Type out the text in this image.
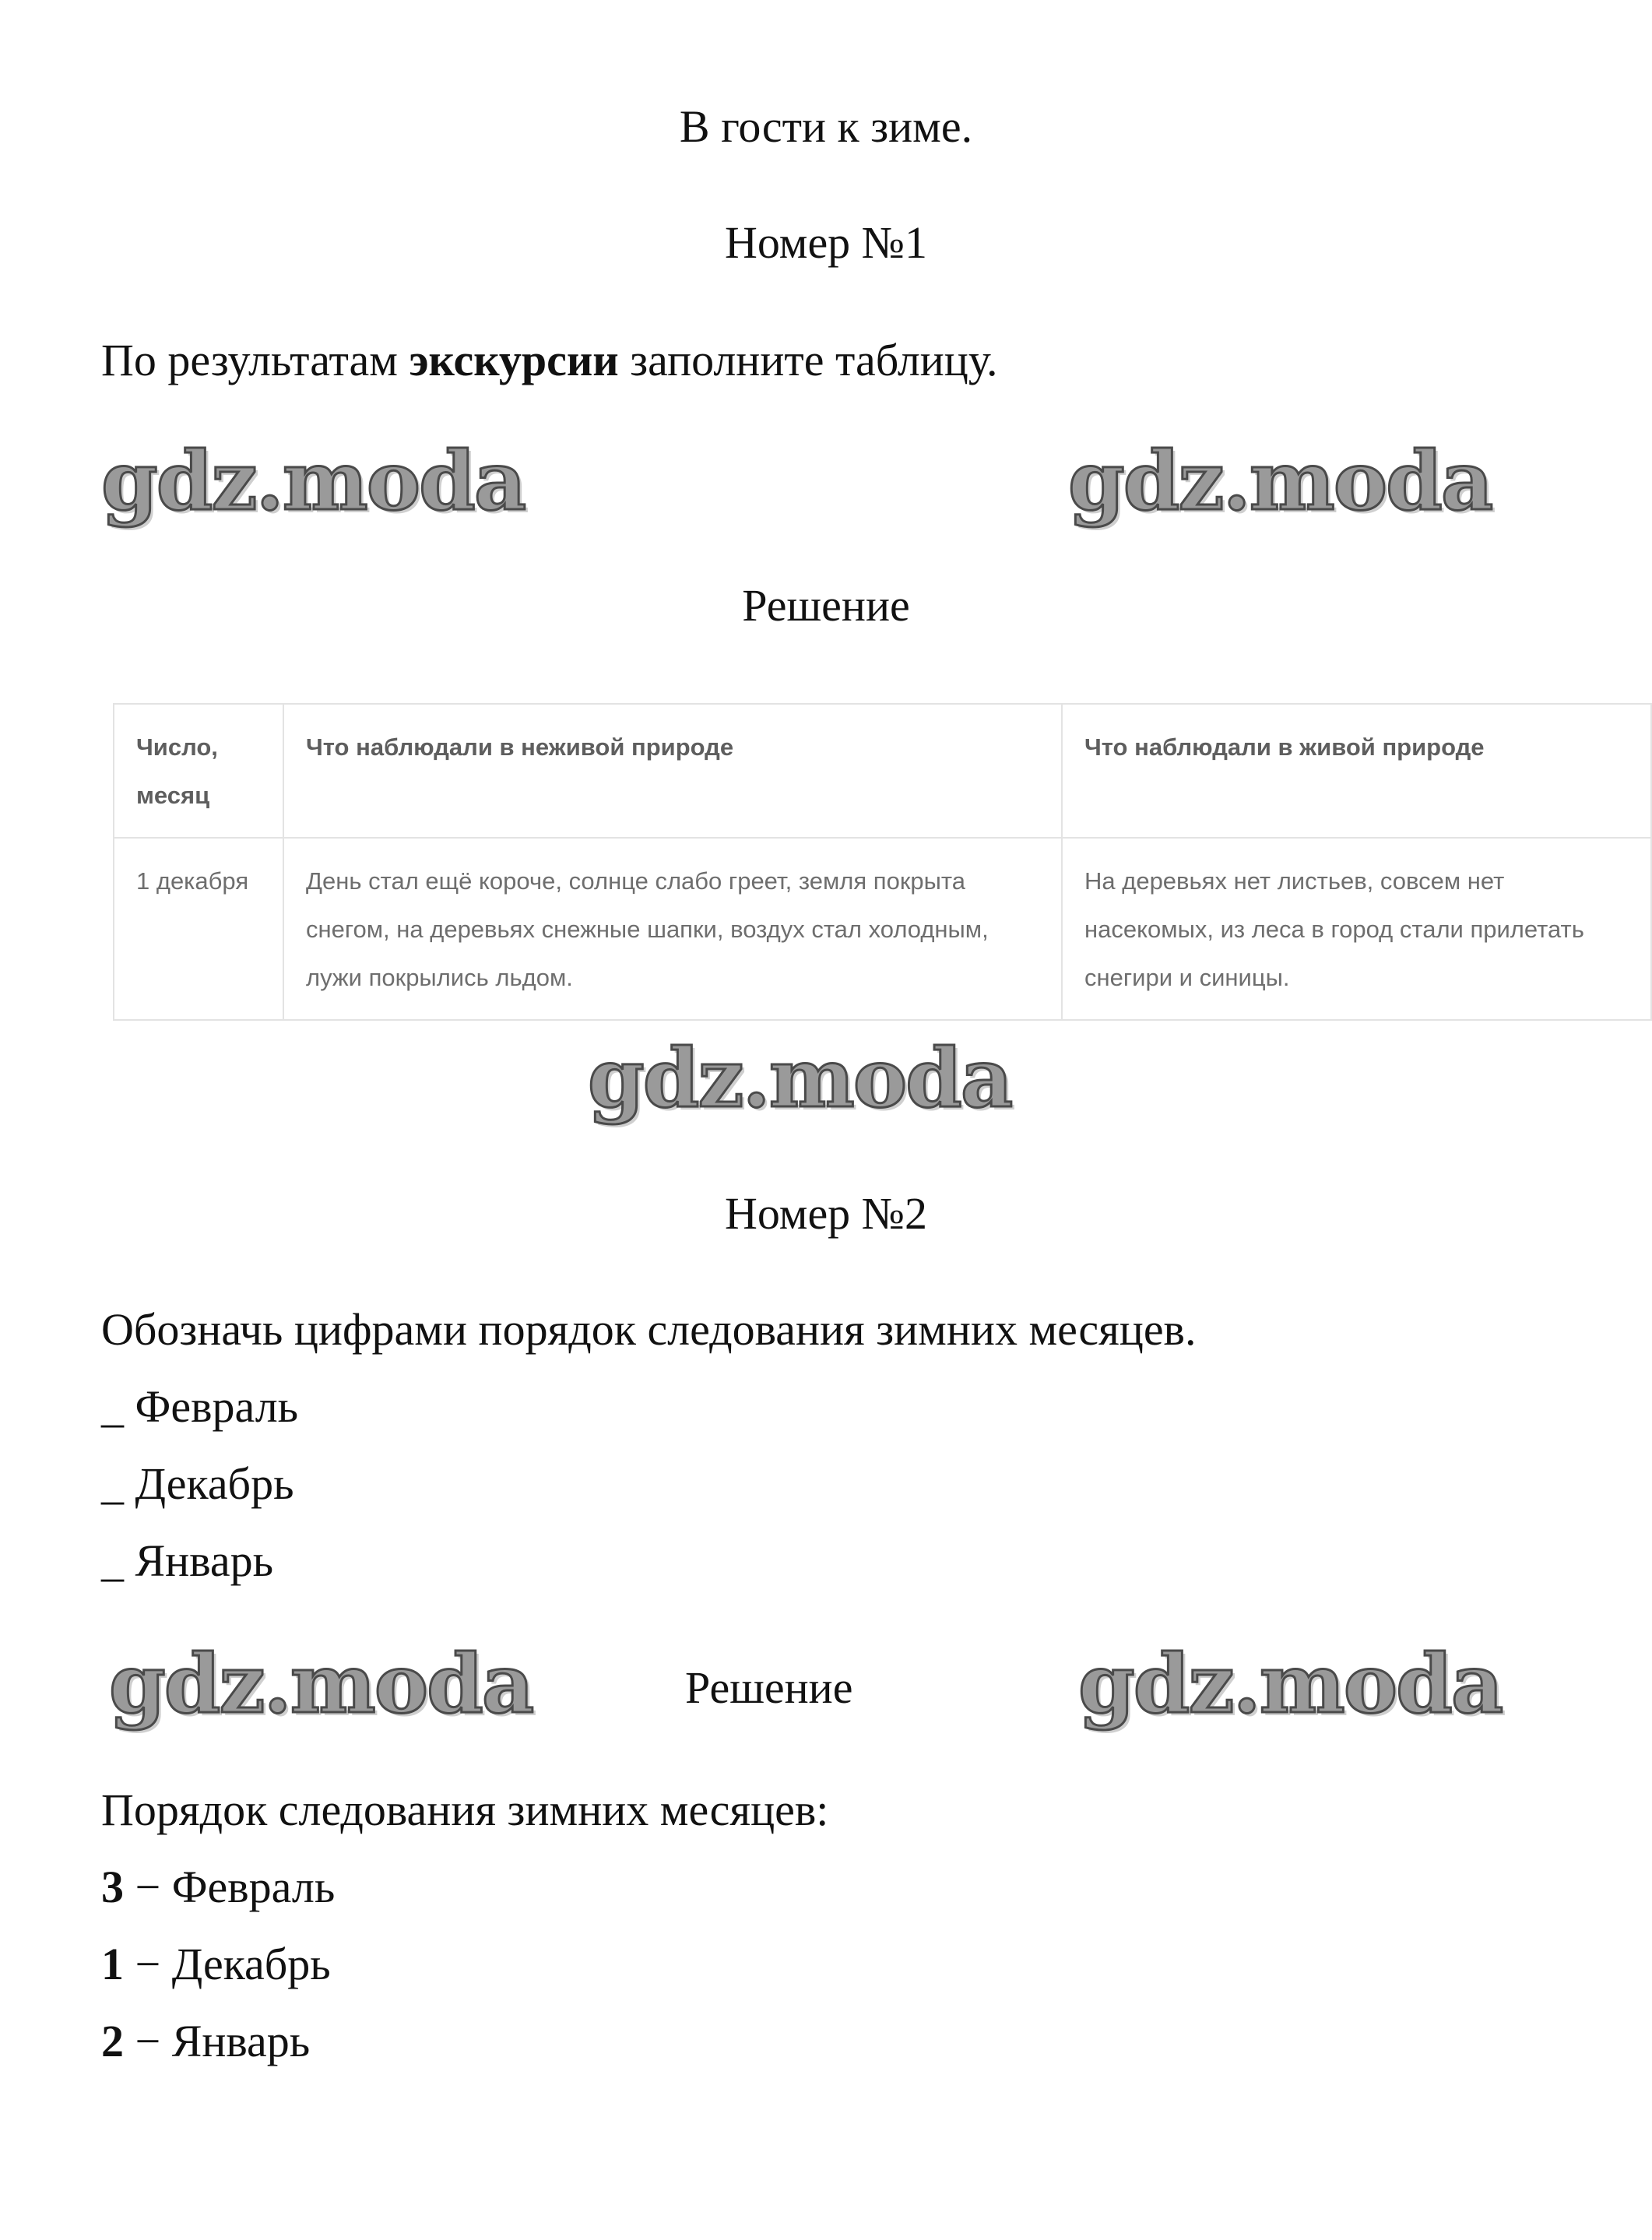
В гости к зиме.
Номер №1
По результатам экскурсии заполните таблицу.
gdz.moda	gdz.moda
Решение
Число, месяц	Что наблюдали в неживой природе	Что наблюдали в живой природе
1 декабря	День стал ещё короче, солнце слабо греет, земля покрыта снегом, на деревьях снежные шапки, воздух стал холодным, лужи покрылись льдом.	На деревьях нет листьев, совсем нет насекомых, из леса в город стали прилетать снегири и синицы.
gdz.moda
Номер №2
Обозначь цифрами порядок следования зимних месяцев.
_ Февраль
_ Декабрь
_ Январь
gdz.moda	Решение	gdz.moda
Порядок следования зимних месяцев:
3 − Февраль
1 − Декабрь
2 − Январь
